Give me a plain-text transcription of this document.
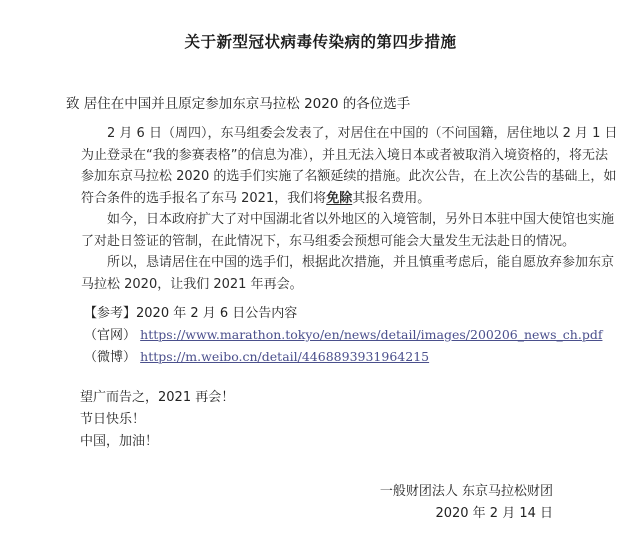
关于新型冠状病毒传染病的第四步措施
致 居住在中国并且原定参加东京马拉松 2020 的各位选手
2 月 6 日（周四），东马组委会发表了，对居住在中国的（不问国籍，居住地以 2 月 1 日
为止登录在“我的参赛表格”的信息为准），并且无法入境日本或者被取消入境资格的，将无法
参加东京马拉松 2020 的选手们实施了名额延续的措施。此次公告，在上次公告的基础上，如
符合条件的选手报名了东马 2021，我们将免除其报名费用。
如今，日本政府扩大了对中国湖北省以外地区的入境管制，另外日本驻中国大使馆也实施
了对赴日签证的管制，在此情况下，东马组委会预想可能会大量发生无法赴日的情况。
所以，恳请居住在中国的选手们，根据此次措施，并且慎重考虑后，能自愿放弃参加东京
马拉松 2020，让我们 2021 年再会。
【参考】2020 年 2 月 6 日公告内容
（官网） https://www.marathon.tokyo/en/news/detail/images/200206_news_ch.pdf
（微博） https://m.weibo.cn/detail/4468893931964215
望广而告之，2021 再会！
节日快乐！
中国，加油！
一般财团法人 东京马拉松财团
2020 年 2 月 14 日
